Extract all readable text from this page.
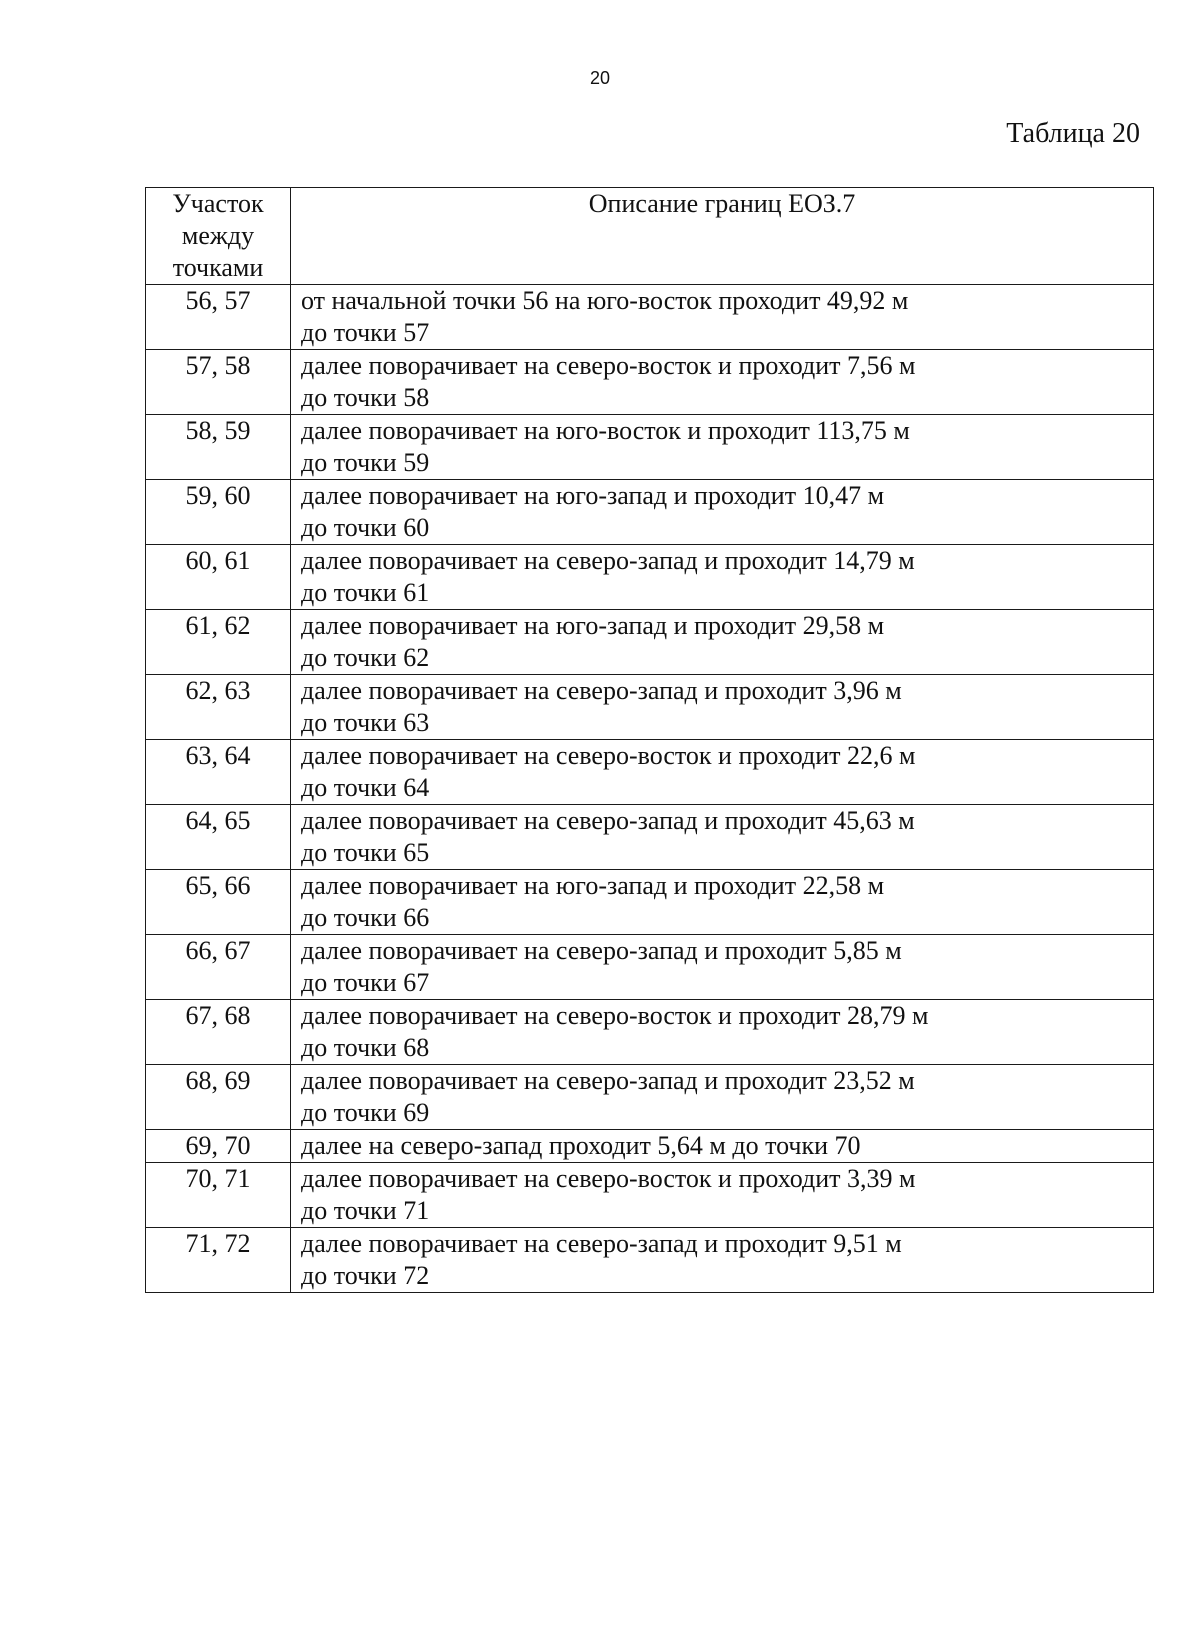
20
Таблица 20
Участок между точками	Описание границ ЕОЗ.7
56, 57	от начальной точки 56 на юго-восток проходит 49,92 м
до точки 57

57, 58	далее поворачивает на северо-восток и проходит 7,56 м
до точки 58

58, 59	далее поворачивает на юго-восток и проходит 113,75 м
до точки 59

59, 60	далее поворачивает на юго-запад и проходит 10,47 м
до точки 60

60, 61	далее поворачивает на северо-запад и проходит 14,79 м
до точки 61

61, 62	далее поворачивает на юго-запад и проходит 29,58 м
до точки 62

62, 63	далее поворачивает на северо-запад и проходит 3,96 м
до точки 63

63, 64	далее поворачивает на северо-восток и проходит 22,6 м
до точки 64

64, 65	далее поворачивает на северо-запад и проходит 45,63 м
до точки 65

65, 66	далее поворачивает на юго-запад и проходит 22,58 м
до точки 66

66, 67	далее поворачивает на северо-запад и проходит 5,85 м
до точки 67

67, 68	далее поворачивает на северо-восток и проходит 28,79 м
до точки 68

68, 69	далее поворачивает на северо-запад и проходит 23,52 м
до точки 69

69, 70	далее на северо-запад проходит 5,64 м до точки 70

70, 71	далее поворачивает на северо-восток и проходит 3,39 м
до точки 71

71, 72	далее поворачивает на северо-запад и проходит 9,51 м
до точки 72
